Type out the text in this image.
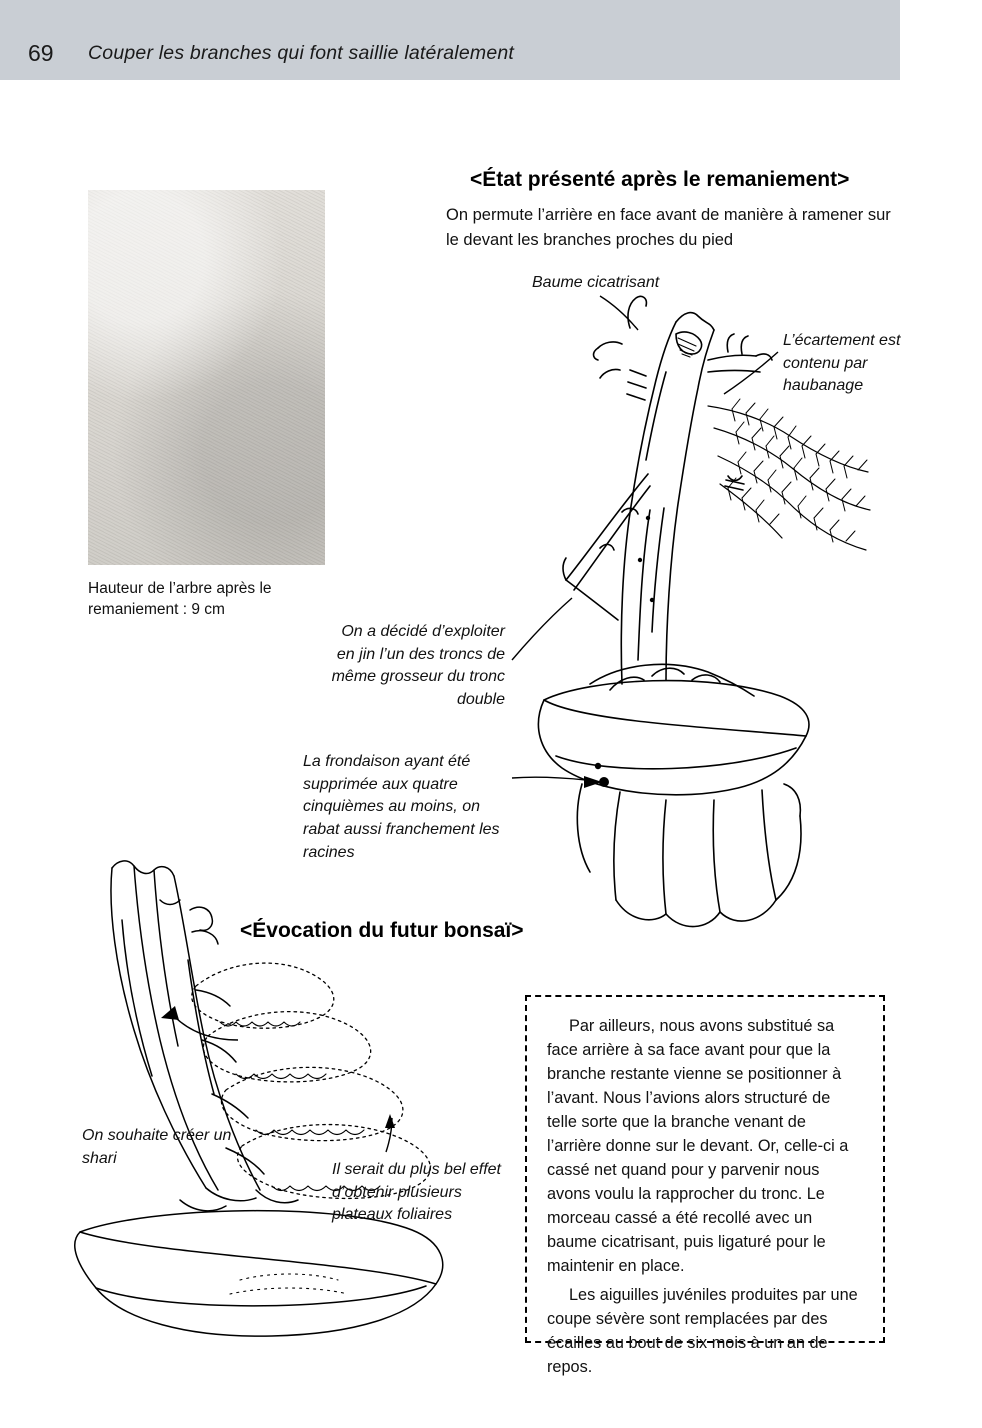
69 Couper les branches qui font saillie latéralement
Hauteur de l’arbre après le remaniement : 9 cm
<État présenté après le remaniement>
On permute l’arrière en face avant de manière à ramener sur le devant les branches proches du pied
Baume cicatrisant
L’écartement est contenu par haubanage
On a décidé d’exploiter en jin l’un des troncs de même grosseur du tronc double
La frondaison ayant été supprimée aux quatre cinquièmes au moins, on rabat aussi franchement les racines
On souhaite créer un shari
Il serait du plus bel effet d’obtenir plusieurs plateaux foliaires
<Évocation du futur bonsaï>

Par ailleurs, nous avons substitué sa face arrière à sa face avant pour que la branche restante vienne se positionner à l’avant. Nous l’avions alors structuré de telle sorte que la branche venant de l’arrière donne sur le devant. Or, celle-ci a cassé net quand pour y parvenir nous avons voulu la rapprocher du tronc. Le morceau cassé a été recollé avec un baume cicatrisant, puis ligaturé pour le maintenir en place.

Les aiguilles juvéniles produites par une coupe sévère sont remplacées par des écailles au bout de six mois à un an de repos.
